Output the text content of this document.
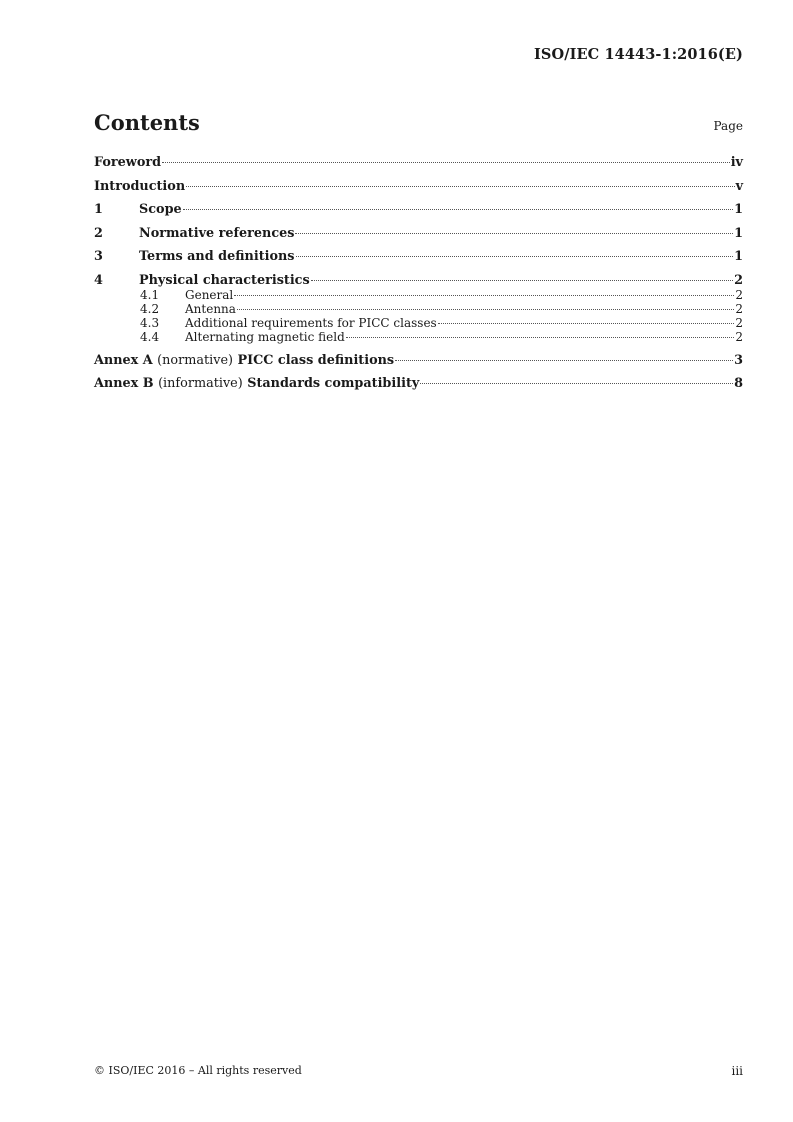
ISO/IEC 14443-1:2016(E)
Contents	Page
Foreword	iv
Introduction	v
1	Scope	1
2	Normative references	1
3	Terms and definitions	1
4	Physical characteristics	2
4.1	General	2
4.2	Antenna	2
4.3	Additional requirements for PICC classes	2
4.4	Alternating magnetic field	2
Annex A (normative) PICC class definitions	3
Annex B (informative) Standards compatibility	8
© ISO/IEC 2016 – All rights reserved	iii
